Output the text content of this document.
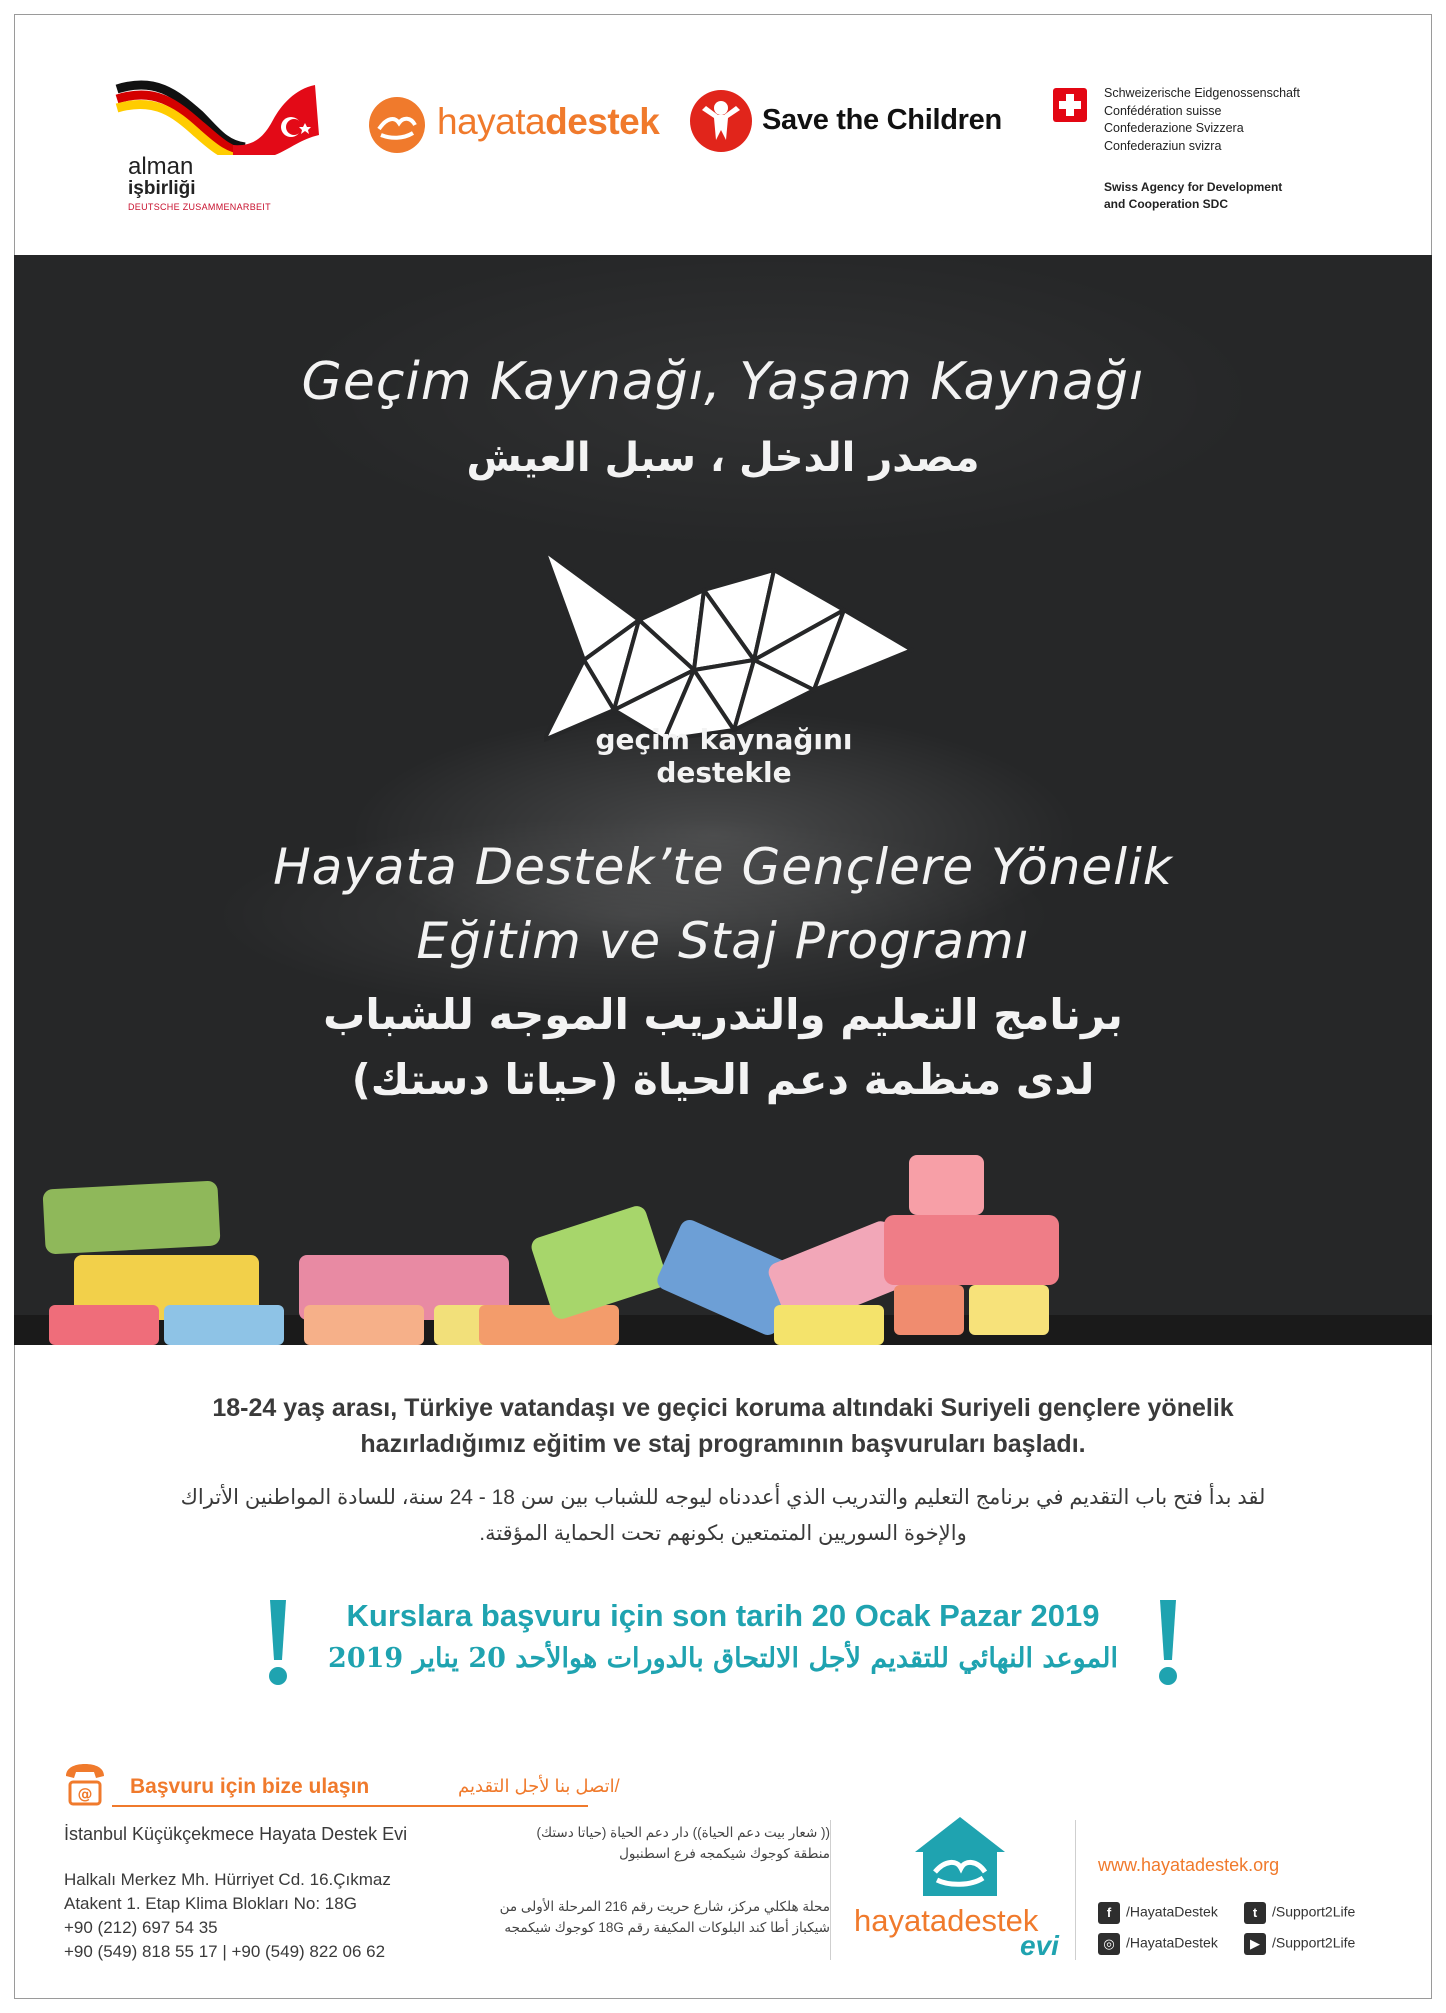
alman
işbirliği
DEUTSCHE ZUSAMMENARBEIT
hayatadestek	Save the Children
Schweizerische Eidgenossenschaft
Confédération suisse
Confederazione Svizzera
Confederaziun svizra
Swiss Agency for Development
and Cooperation SDC
Geçim Kaynağı, Yaşam Kaynağı
مصدر الدخل ، سبل العيش
geçim kaynağını destekle
Hayata Destek’te Gençlere Yönelik
Eğitim ve Staj Programı
برنامج التعليم والتدريب الموجه للشباب
لدى منظمة دعم الحياة (حياتا دستك)
18-24 yaş arası, Türkiye vatandaşı ve geçici koruma altındaki Suriyeli gençlere yönelik
hazırladığımız eğitim ve staj programının başvuruları başladı.
لقد بدأ فتح باب التقديم في برنامج التعليم والتدريب الذي أعددناه ليوجه للشباب بين سن 18 - 24 سنة، للسادة المواطنين الأتراك
والإخوة السوريين المتمتعين بكونهم تحت الحماية المؤقتة.
Kurslara başvuru için son tarih 20 Ocak Pazar 2019
الموعد النهائي للتقديم لأجل الالتحاق بالدورات هوالأحد 20 يناير 2019
@ Başvuru için bize ulaşın	/اتصل بنا لأجل التقديم
İstanbul Küçükçekmece Hayata Destek Evi
Halkalı Merkez Mh. Hürriyet Cd. 16.Çıkmaz
Atakent 1. Etap Klima Blokları No: 18G
+90 (212) 697 54 35
+90 (549) 818 55 17 | +90 (549) 822 06 62
(( شعار بيت دعم الحياة)) دار دعم الحياة (حياتا دستك)
منطقة كوجوك شيكمجه فرع اسطنبول
محلة هلكلي مركز، شارع حريت رقم 216 المرحلة الأولى من
شيكباز أطا كند البلوكات المكيفة رقم 18G كوجوك شيكمجه hayatadestek
evi
www.hayatadestek.org
f /HayataDestek	t /Support2Life
◎ /HayataDestek	▶ /Support2Life
